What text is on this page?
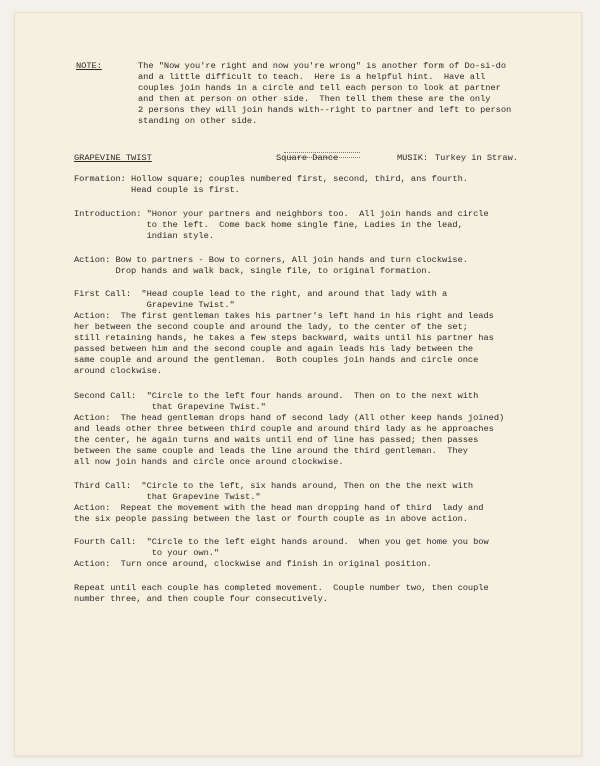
NOTE:	The "Now you're right and now you're wrong" is another form of Do-si-do

and a little difficult to teach.  Here is a helpful hint.  Have all

couples join hands in a circle and tell each person to look at partner

and then at person on other side.  Then tell them these are the only

2 persons they will join hands with--right to partner and left to person

standing on other side.

GRAPEVINE TWIST	Square Dance	MUSIK: Turkey in Straw.

Formation: Hollow square; couples numbered first, second, third, ans fourth.

Head couple is first.

Introduction: "Honor your partners and neighbors too.  All join hands and circle

to the left.  Come back home single fine, Ladies in the lead,

indian style.

Action: Bow to partners - Bow to corners, All join hands and turn clockwise.

Drop hands and walk back, single file, to original formation.

First Call:  "Head couple lead to the right, and around that lady with a

Grapevine Twist."

Action:  The first gentleman takes his partner's left hand in his right and leads

her between the second couple and around the lady, to the center of the set;

still retaining hands, he takes a few steps backward, waits until his partner has

passed between him and the second couple and again leads his lady between the

same couple and around the gentleman.  Both couples join hands and circle once

around clockwise.

Second Call:  "Circle to the left four hands around.  Then on to the next with

that Grapevine Twist."

Action:  The head gentleman drops hand of second lady (All other keep hands joined)

and leads other three between third couple and around third lady as he approaches

the center, he again turns and waits until end of line has passed; then passes

between the same couple and leads the line around the third gentleman.  They

all now join hands and circle once around clockwise.

Third Call:  "Circle to the left, six hands around, Then on the the next with

that Grapevine Twist."

Action:  Repeat the movement with the head man dropping hand of third  lady and

the six people passing between the last or fourth couple as in above action.

Fourth Call:  "Circle to the left eight hands around.  When you get home you bow

to your own."

Action:  Turn once around, clockwise and finish in original position.

Repeat until each couple has completed movement.  Couple number two, then couple

number three, and then couple four consecutively.
